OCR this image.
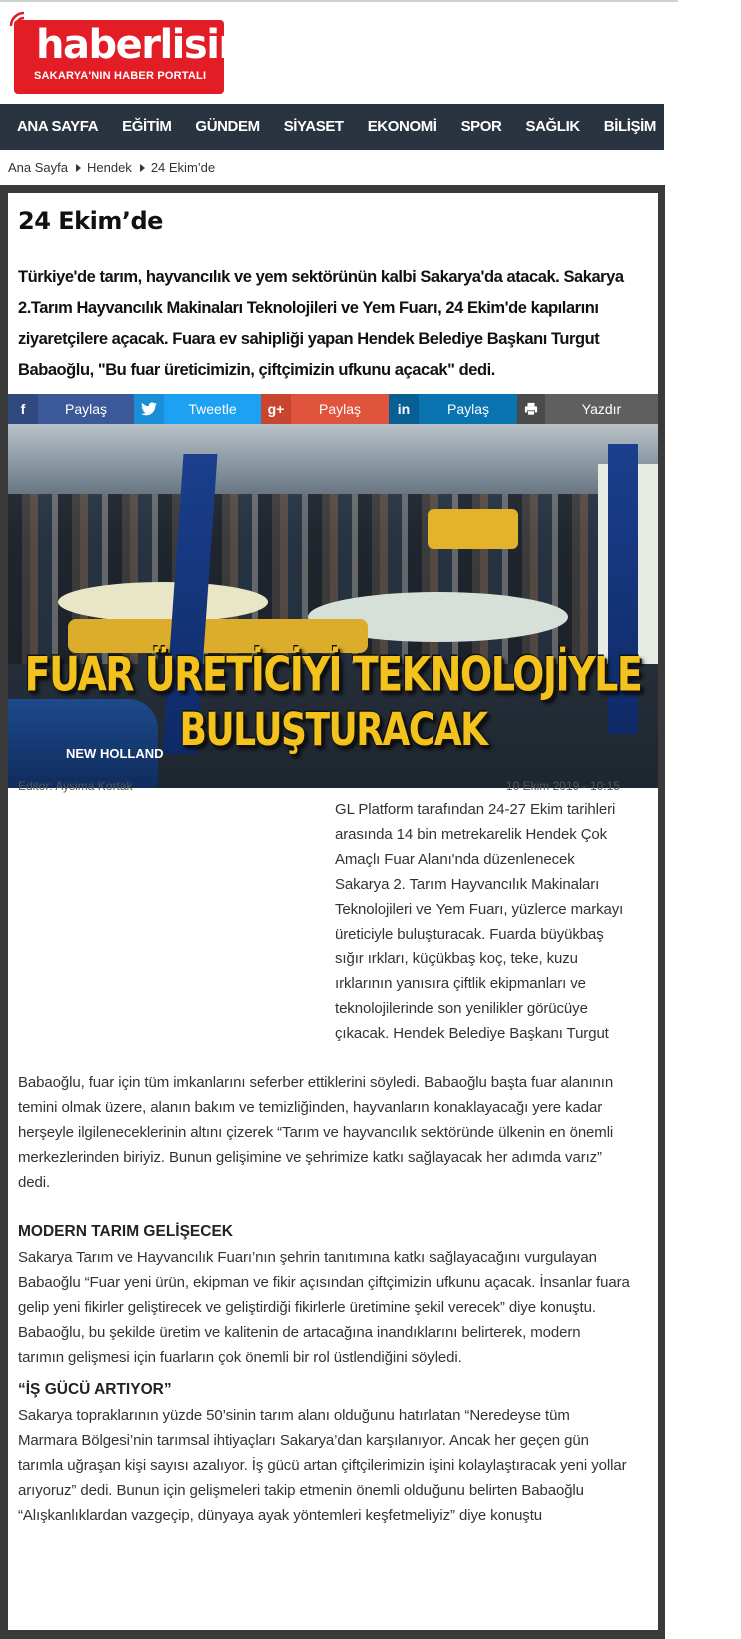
haberlisin
SAKARYA'NIN HABER PORTALI
ANA SAYFA	EĞİTİM	GÜNDEM	SİYASET	EKONOMİ	SPOR	SAĞLIK	BİLİŞİM	SANAT
Ana Sayfa Hendek 24 Ekim’de
24 Ekim’de

Türkiye'de tarım, hayvancılık ve yem sektörünün kalbi Sakarya'da atacak. Sakarya 2.Tarım Hayvancılık Makinaları Teknolojileri ve Yem Fuarı, 24 Ekim'de kapılarını ziyaretçilere açacak. Fuara ev sahipliği yapan Hendek Belediye Başkanı Turgut Babaoğlu, "Bu fuar üreticimizin, çiftçimizin ufkunu açacak" dedi.

f	Paylaş	Tweetle	g+	Paylaş	in	Paylaş	Yazdır
NEW HOLLAND
FUAR ÜRETİCİYİ TEKNOLOJİYLE
BULUŞTURACAK
Editor: Aysima Kortak	10 Ekim 2019 - 10:15

GL Platform tarafından 24-27 Ekim tarihleri arasında 14 bin metrekarelik Hendek Çok Amaçlı Fuar Alanı'nda düzenlenecek Sakarya 2. Tarım Hayvancılık Makinaları Teknolojileri ve Yem Fuarı, yüzlerce markayı üreticiyle buluşturacak. Fuarda büyükbaş sığır ırkları, küçükbaş koç, teke, kuzu ırklarının yanısıra çiftlik ekipmanları ve teknolojilerinde son yenilikler görücüye çıkacak. Hendek Belediye Başkanı Turgut

Babaoğlu, fuar için tüm imkanlarını seferber ettiklerini söyledi. Babaoğlu başta fuar alanının temini olmak üzere, alanın bakım ve temizliğinden, hayvanların konaklayacağı yere kadar herşeyle ilgileneceklerinin altını çizerek “Tarım ve hayvancılık sektöründe ülkenin en önemli merkezlerinden biriyiz. Bunun gelişimine ve şehrimize katkı sağlayacak her adımda varız” dedi.

MODERN TARIM GELİŞECEK

Sakarya Tarım ve Hayvancılık Fuarı’nın şehrin tanıtımına katkı sağlayacağını vurgulayan Babaoğlu “Fuar yeni ürün, ekipman ve fikir açısından çiftçimizin ufkunu açacak. İnsanlar fuara gelip yeni fikirler geliştirecek ve geliştirdiği fikirlerle üretimine şekil verecek” diye konuştu. Babaoğlu, bu şekilde üretim ve kalitenin de artacağına inandıklarını belirterek, modern tarımın gelişmesi için fuarların çok önemli bir rol üstlendiğini söyledi.

“İŞ GÜCÜ ARTIYOR”

Sakarya topraklarının yüzde 50’sinin tarım alanı olduğunu hatırlatan “Neredeyse tüm Marmara Bölgesi’nin tarımsal ihtiyaçları Sakarya’dan karşılanıyor. Ancak her geçen gün tarımla uğraşan kişi sayısı azalıyor. İş gücü artan çiftçilerimizin işini kolaylaştıracak yeni yollar arıyoruz” dedi. Bunun için gelişmeleri takip etmenin önemli olduğunu belirten Babaoğlu “Alışkanlıklardan vazgeçip, dünyaya ayak yöntemleri keşfetmeliyiz” diye konuştu
